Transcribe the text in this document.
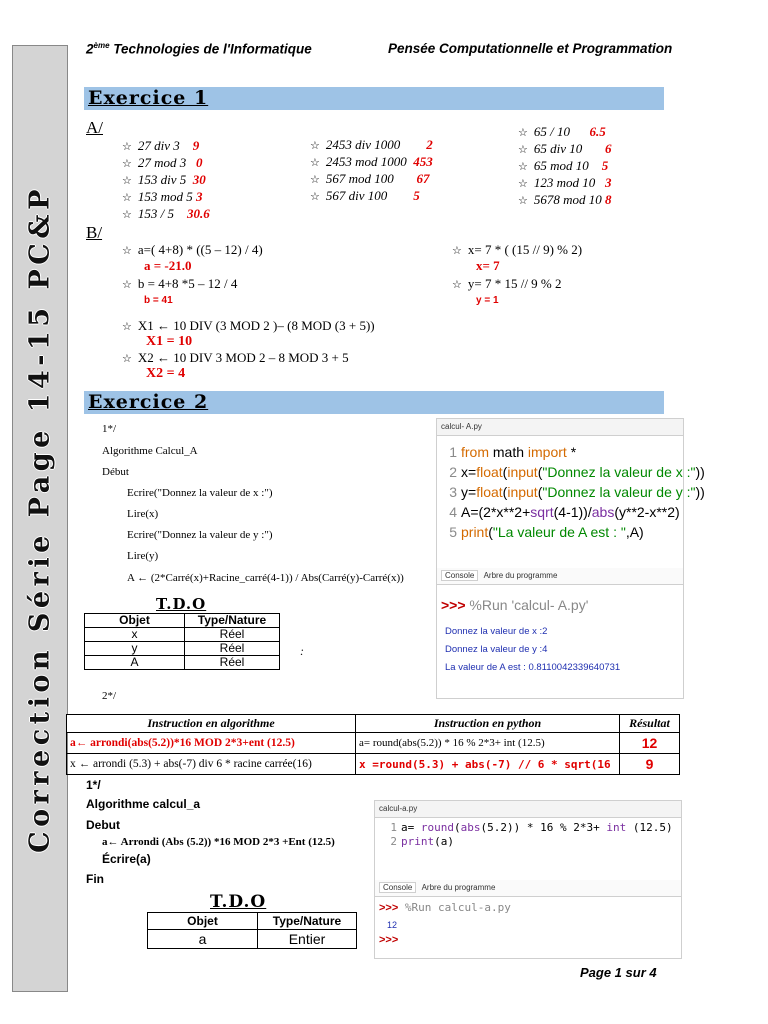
Correction Série Page 14-15 PC&P
2ème Technologies de l'Informatique	Pensée Computationnelle et Programmation
Exercice 1
A/
☆ 27 div 3 9
☆ 27 mod 3 0
☆ 153 div 5 30
☆ 153 mod 5 3
☆ 153 / 5 30.6
☆ 2453 div 1000 2
☆ 2453 mod 1000 453
☆ 567 mod 100 67
☆ 567 div 100 5
☆ 65 / 10 6.5
☆ 65 div 10 6
☆ 65 mod 10 5
☆ 123 mod 10 3
☆ 5678 mod 10 8
B/
☆ a=( 4+8) * ((5 – 12) / 4)
a = -21.0
☆ b = 4+8 *5 – 12 / 4
b = 41
☆ x= 7 * ( (15 // 9) % 2)
x= 7
☆ y= 7 * 15 // 9 % 2
y = 1
☆ X1 ← 10 DIV (3 MOD 2 )– (8 MOD (3 + 5))
X1 = 10
☆ X2 ← 10 DIV 3 MOD 2 – 8 MOD 3 + 5
X2 = 4
Exercice 2
1*/
Algorithme Calcul_A
Début
Ecrire("Donnez la valeur de x :")
Lire(x)
Ecrire("Donnez la valeur de y :")
Lire(y)
A ← (2*Carré(x)+Racine_carré(4-1)) / Abs(Carré(y)-Carré(x))
calcul- A.py
1 from math import *
2 x=float(input("Donnez la valeur de x :"))
3 y=float(input("Donnez la valeur de y :"))
4 A=(2*x**2+sqrt(4-1))/abs(y**2-x**2)
5 print("La valeur de A est : ",A)
Console Arbre du programme
>>> %Run 'calcul- A.py'
Donnez la valeur de x :2
Donnez la valeur de y :4
La valeur de A est : 0.8110042339640731
T.D.O
Objet	Type/Nature
x	Réel
y	Réel
A	Réel
:
2*/
Instruction en algorithme	Instruction en python	Résultat
a← arrondi(abs(5.2))*16 MOD 2*3+ent (12.5)	a= round(abs(5.2)) * 16 % 2*3+ int (12.5)	12
x ← arrondi (5.3) + abs(-7) div 6 * racine carrée(16)	x =round(5.3) + abs(-7) // 6 * sqrt(16	9
1*/
Algorithme calcul_a
Debut
a← Arrondi (Abs (5.2)) *16 MOD 2*3 +Ent (12.5)
Écrire(a)
Fin
calcul-a.py
1 a= round(abs(5.2)) * 16 % 2*3+ int (12.5)
2 print(a)
Console Arbre du programme
>>> %Run calcul-a.py
12
>>>
T.D.O
Objet	Type/Nature
a	Entier
Page 1 sur 4
